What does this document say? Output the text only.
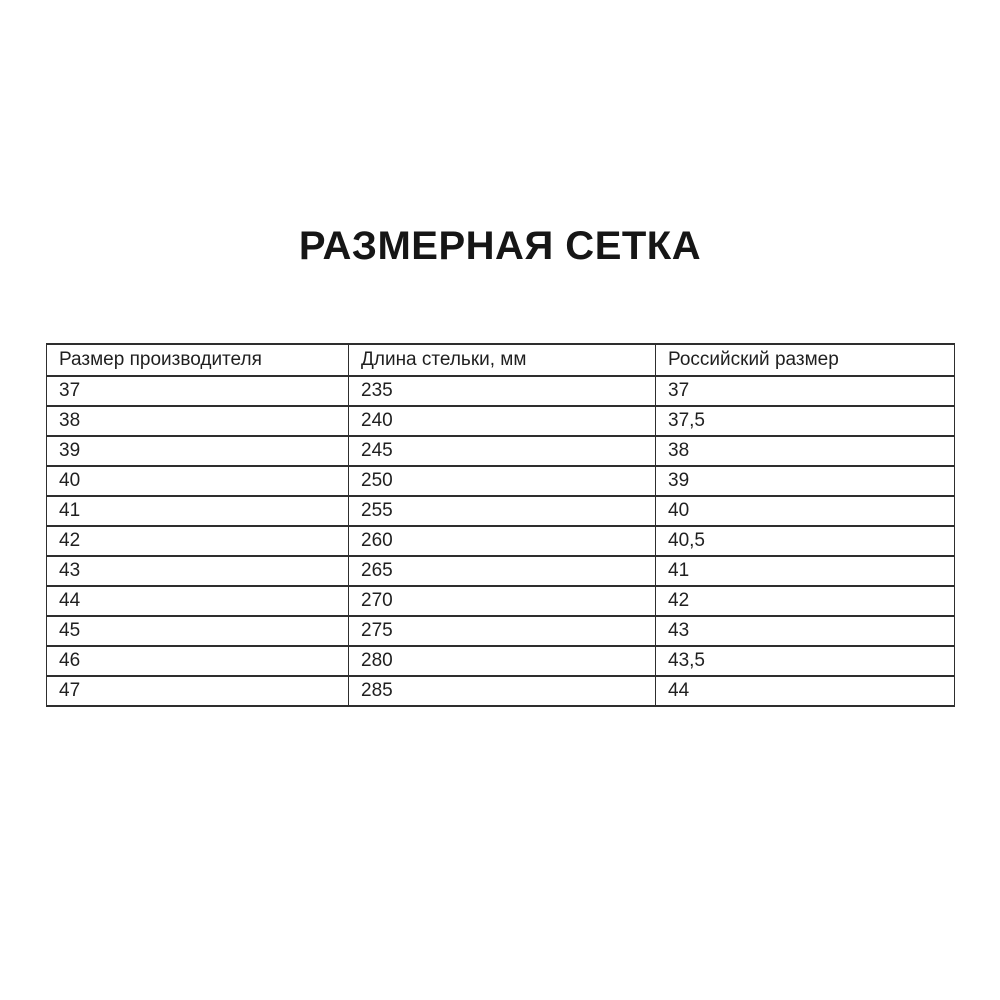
РАЗМЕРНАЯ СЕТКА
Размер производителя	Длина стельки, мм	Российский размер
37	235	37
38	240	37,5
39	245	38
40	250	39
41	255	40
42	260	40,5
43	265	41
44	270	42
45	275	43
46	280	43,5
47	285	44
